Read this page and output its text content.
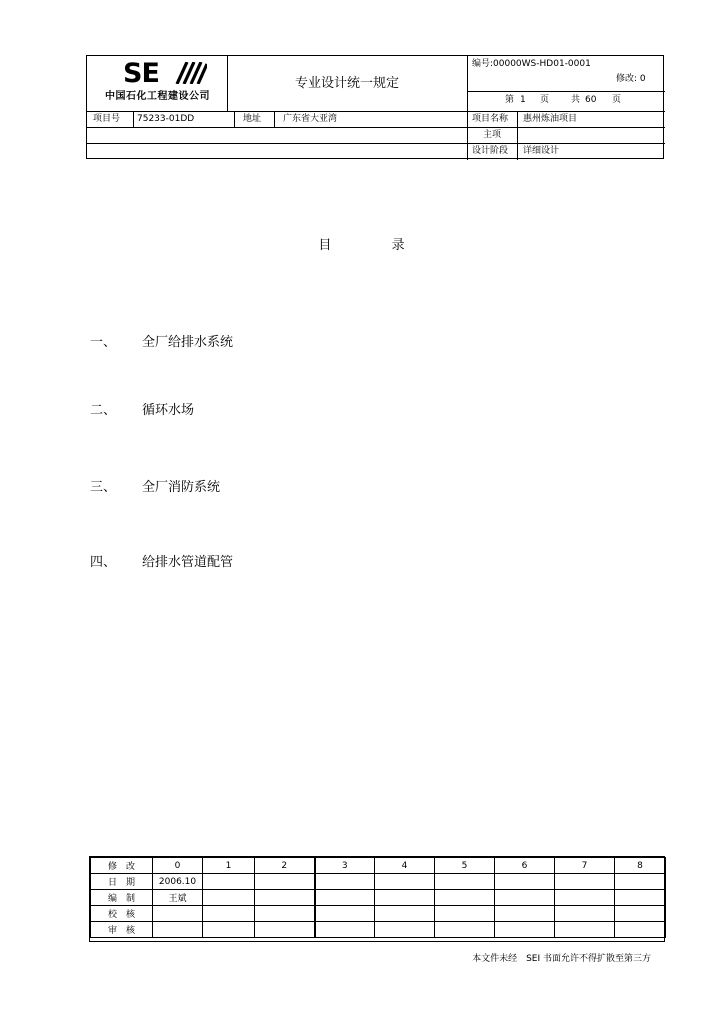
SE
中国石化工程建设公司
专业设计统一规定
编号:00000WS-HD01-0001
修改: 0
第 1 页 共 60 页
项目号 75233-01DD	地址 广东省大亚湾	项目名称 惠州炼油项目
主项
设计阶段 详细设计
目	录
一、 全厂给排水系统
二、 循环水场
三、 全厂消防系统
四、 给排水管道配管
修　改	0	1	2	3	4	5	6	7	8
日　期	2006.10								
编　制	王斌								
校　核									
审　核									
本文件未经　SEI 书面允许不得扩散至第三方
